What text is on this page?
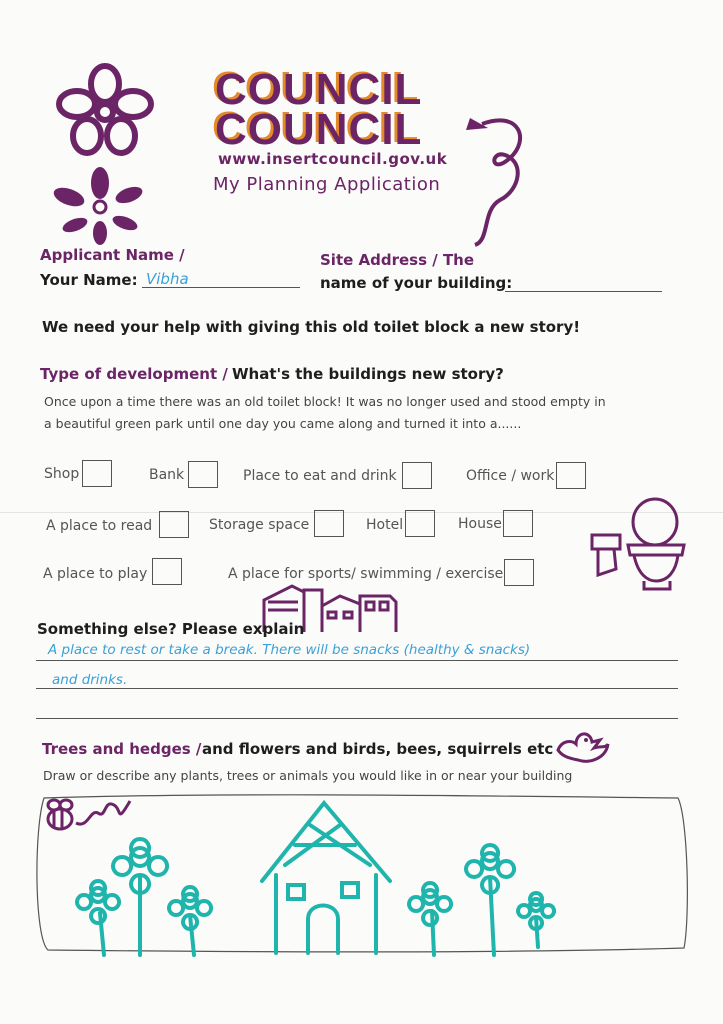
COUNCIL
COUNCIL
www.insertcouncil.gov.uk
My Planning Application
Applicant Name /
Your Name: Vibha
Site Address / The
name of your building:
We need your help with giving this old toilet block a new story!
Type of development / What's the buildings new story?
Once upon a time there was an old toilet block! It was no longer used and stood empty in
a beautiful green park until one day you came along and turned it into a......
Shop	Bank	Place to eat and drink	Office / work
A place to read	Storage space	Hotel	House
A place to play	A place for sports/ swimming / exercise
Something else? Please explain
A place to rest or take a break. There will be snacks (healthy & snacks)
and drinks.
Trees and hedges / and flowers and birds, bees, squirrels etc
Draw or describe any plants, trees or animals you would like in or near your building
